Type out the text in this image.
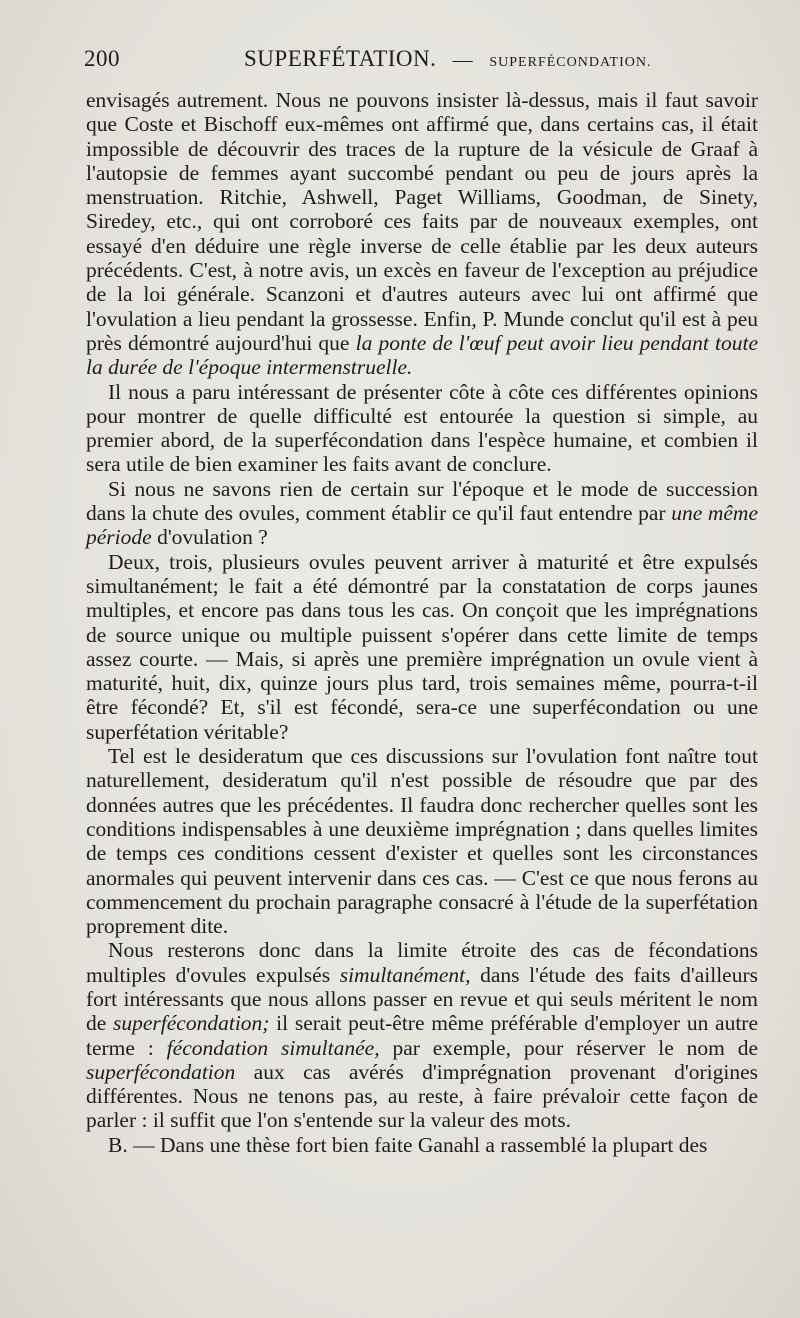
200	SUPERFÉTATION. — SUPERFÉCONDATION.

envisagés autrement. Nous ne pouvons insister là-dessus, mais il faut savoir que Coste et Bischoff eux-mêmes ont affirmé que, dans certains cas, il était impossible de découvrir des traces de la rupture de la vésicule de Graaf à l'autopsie de femmes ayant succombé pendant ou peu de jours après la menstruation. Ritchie, Ashwell, Paget Williams, Goodman, de Sinety, Siredey, etc., qui ont corroboré ces faits par de nouveaux exemples, ont essayé d'en déduire une règle inverse de celle établie par les deux auteurs précédents. C'est, à notre avis, un excès en faveur de l'exception au préjudice de la loi générale. Scanzoni et d'autres auteurs avec lui ont affirmé que l'ovulation a lieu pendant la grossesse. Enfin, P. Munde conclut qu'il est à peu près démontré aujourd'hui que la ponte de l'œuf peut avoir lieu pendant toute la durée de l'époque intermenstruelle.

Il nous a paru intéressant de présenter côte à côte ces différentes opinions pour montrer de quelle difficulté est entourée la question si simple, au premier abord, de la superfécondation dans l'espèce humaine, et combien il sera utile de bien examiner les faits avant de conclure.

Si nous ne savons rien de certain sur l'époque et le mode de succession dans la chute des ovules, comment établir ce qu'il faut entendre par une même période d'ovulation ?

Deux, trois, plusieurs ovules peuvent arriver à maturité et être expulsés simultanément; le fait a été démontré par la constatation de corps jaunes multiples, et encore pas dans tous les cas. On conçoit que les imprégnations de source unique ou multiple puissent s'opérer dans cette limite de temps assez courte. — Mais, si après une première imprégnation un ovule vient à maturité, huit, dix, quinze jours plus tard, trois semaines même, pourra-t-il être fécondé? Et, s'il est fécondé, sera-ce une superfécondation ou une superfétation véritable?

Tel est le desideratum que ces discussions sur l'ovulation font naître tout naturellement, desideratum qu'il n'est possible de résoudre que par des données autres que les précédentes. Il faudra donc rechercher quelles sont les conditions indispensables à une deuxième imprégnation ; dans quelles limites de temps ces conditions cessent d'exister et quelles sont les circonstances anormales qui peuvent intervenir dans ces cas. — C'est ce que nous ferons au commencement du prochain paragraphe consacré à l'étude de la superfétation proprement dite.

Nous resterons donc dans la limite étroite des cas de fécondations multiples d'ovules expulsés simultanément, dans l'étude des faits d'ailleurs fort intéressants que nous allons passer en revue et qui seuls méritent le nom de superfécondation; il serait peut-être même préférable d'employer un autre terme : fécondation simultanée, par exemple, pour réserver le nom de superfécondation aux cas avérés d'imprégnation provenant d'origines différentes. Nous ne tenons pas, au reste, à faire prévaloir cette façon de parler : il suffit que l'on s'entende sur la valeur des mots.

B. — Dans une thèse fort bien faite Ganahl a rassemblé la plupart des
